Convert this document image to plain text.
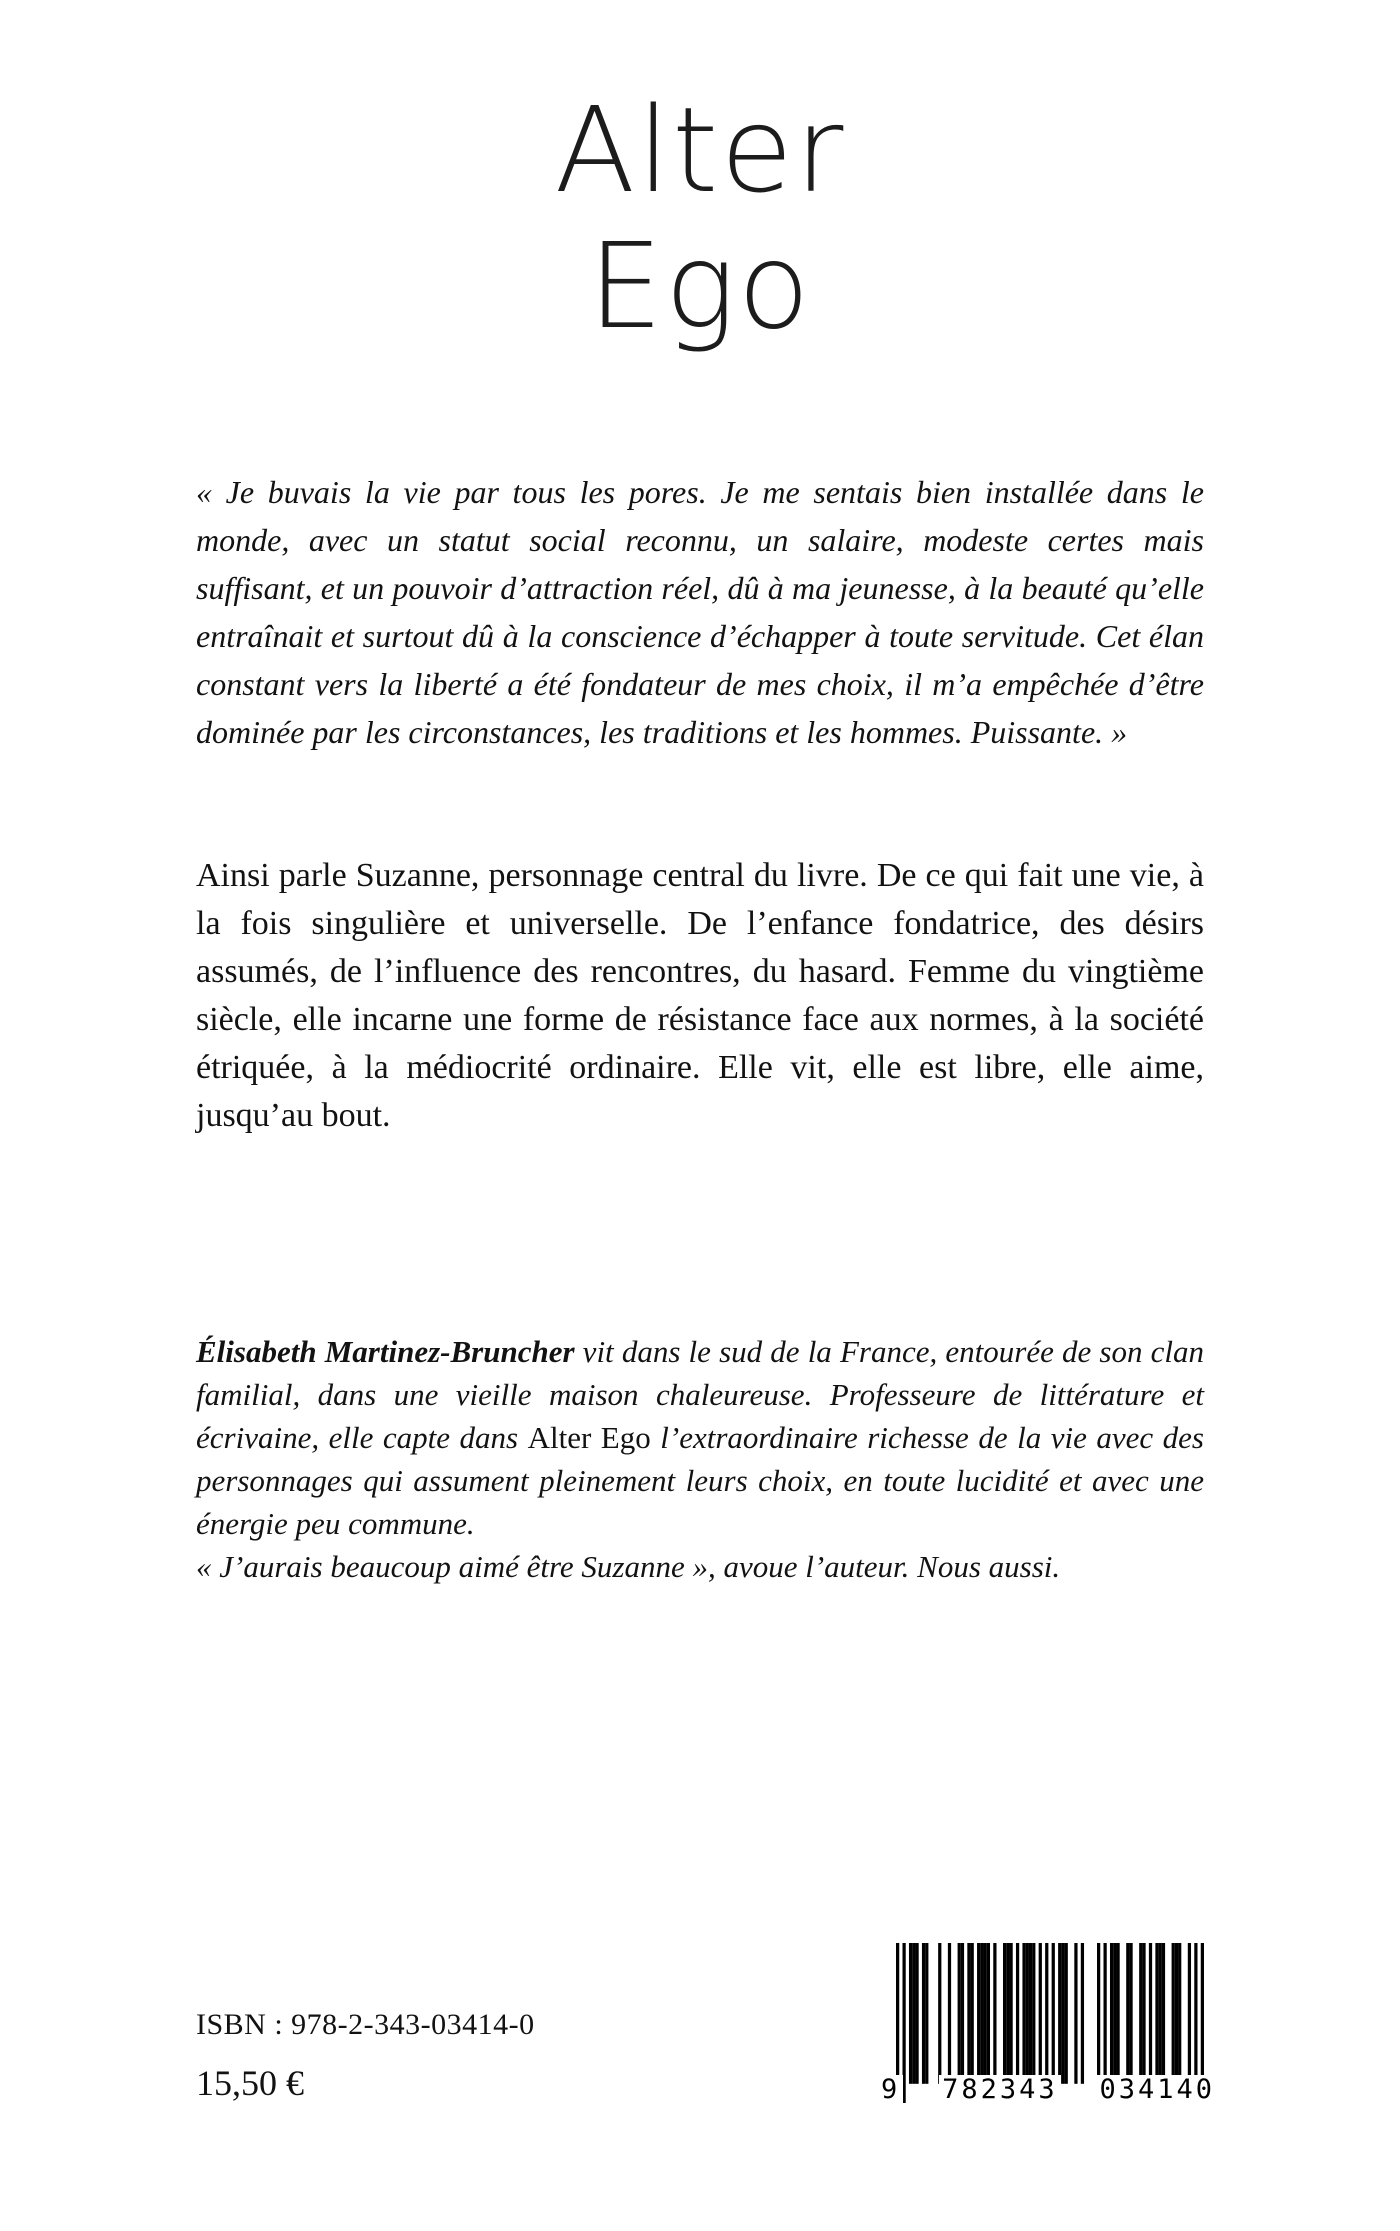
Alter
Ego

« Je buvais la vie par tous les pores. Je me sentais bien installée dans le monde, avec un statut social reconnu, un salaire, modeste certes mais suffisant, et un pouvoir d’attraction réel, dû à ma jeunesse, à la beauté qu’elle entraînait et surtout dû à la conscience d’échapper à toute servitude. Cet élan constant vers la liberté a été fondateur de mes choix, il m’a empêchée d’être dominée par les circonstances, les traditions et les hommes. Puissante. »

Ainsi parle Suzanne, personnage central du livre. De ce qui fait une vie, à la fois singulière et universelle. De l’enfance fondatrice, des désirs assumés, de l’influence des rencontres, du hasard. Femme du vingtième siècle, elle incarne une forme de résistance face aux normes, à la société étriquée, à la médiocrité ordinaire. Elle vit, elle est libre, elle aime, jusqu’au bout.

Élisabeth Martinez-Bruncher vit dans le sud de la France, entourée de son clan familial, dans une vieille maison chaleureuse. Professeure de littérature et écrivaine, elle capte dans Alter Ego l’extraordinaire richesse de la vie avec des personnages qui assument pleinement leurs choix, en toute lucidité et avec une énergie peu commune.

« J’aurais beaucoup aimé être Suzanne », avoue l’auteur. Nous aussi.

ISBN : 978-2-343-03414-0
15,50 €	9 782343 034140
